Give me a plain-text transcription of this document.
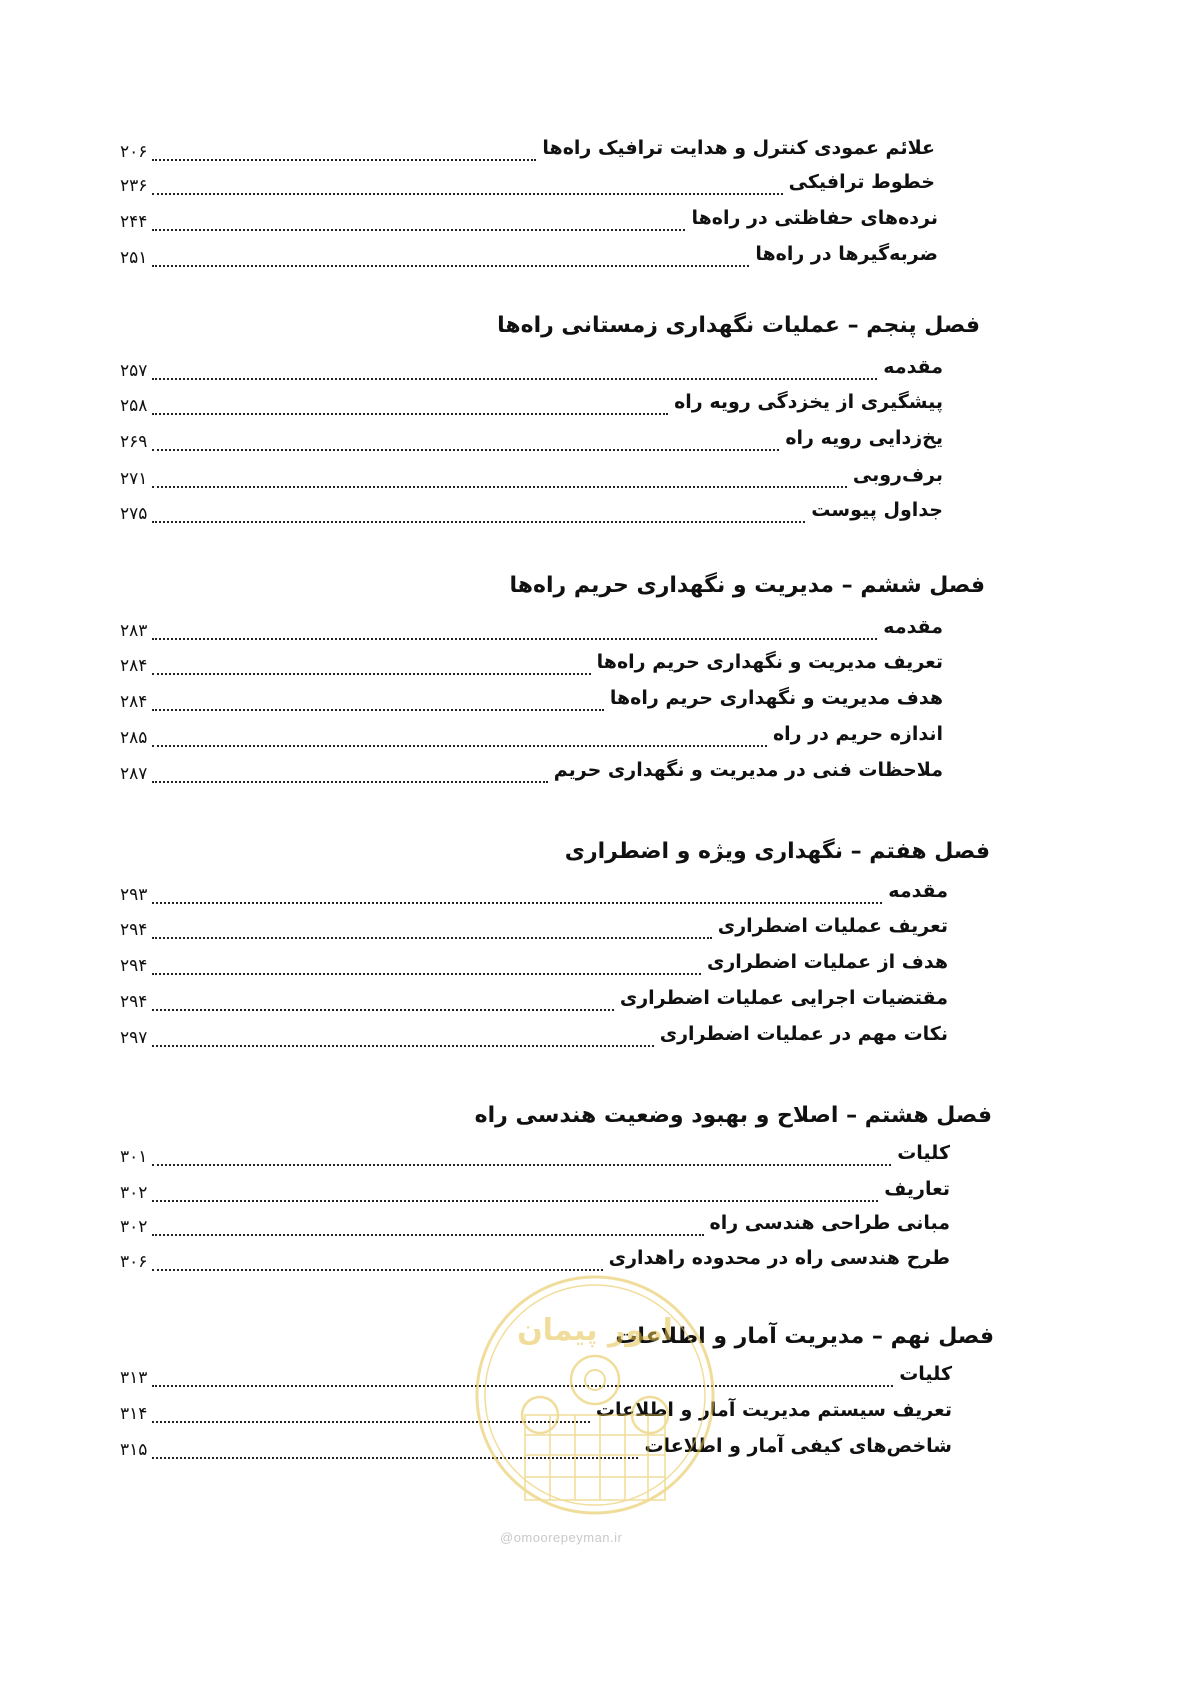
۲۰۶	علائم عمودی کنترل و هدایت ترافیک راه‌ها
۲۳۶	خطوط ترافیکی
۲۴۴	نرده‌های حفاظتی در راه‌ها
۲۵۱	ضربه‌گیرها در راه‌ها
فصل پنجم – عملیات نگهداری زمستانی راه‌ها
۲۵۷	مقدمه
۲۵۸	پیشگیری از یخزدگی رویه راه
۲۶۹	یخ‌زدایی رویه راه
۲۷۱	برف‌روبی
۲۷۵	جداول پیوست
فصل ششم – مدیریت و نگهداری حریم راه‌ها
۲۸۳	مقدمه
۲۸۴	تعریف مدیریت و نگهداری حریم راه‌ها
۲۸۴	هدف مدیریت و نگهداری حریم راه‌ها
۲۸۵	اندازه حریم در راه
۲۸۷	ملاحظات فنی در مدیریت و نگهداری حریم
فصل هفتم – نگهداری ویژه و اضطراری
۲۹۳	مقدمه
۲۹۴	تعریف عملیات اضطراری
۲۹۴	هدف از عملیات اضطراری
۲۹۴	مقتضیات اجرایی عملیات اضطراری
۲۹۷	نکات مهم در عملیات اضطراری
فصل هشتم – اصلاح و بهبود وضعیت هندسی راه
۳۰۱	کلیات
۳۰۲	تعاریف
۳۰۲	مبانی طراحی هندسی راه
۳۰۶	طرح هندسی راه در محدوده راهداری
فصل نهم – مدیریت آمار و اطلاعات
۳۱۳	کلیات
۳۱۴	تعریف سیستم مدیریت آمار و اطلاعات
۳۱۵	شاخص‌های کیفی آمار و اطلاعات
امور پیمان
@omoorepeyman.ir
